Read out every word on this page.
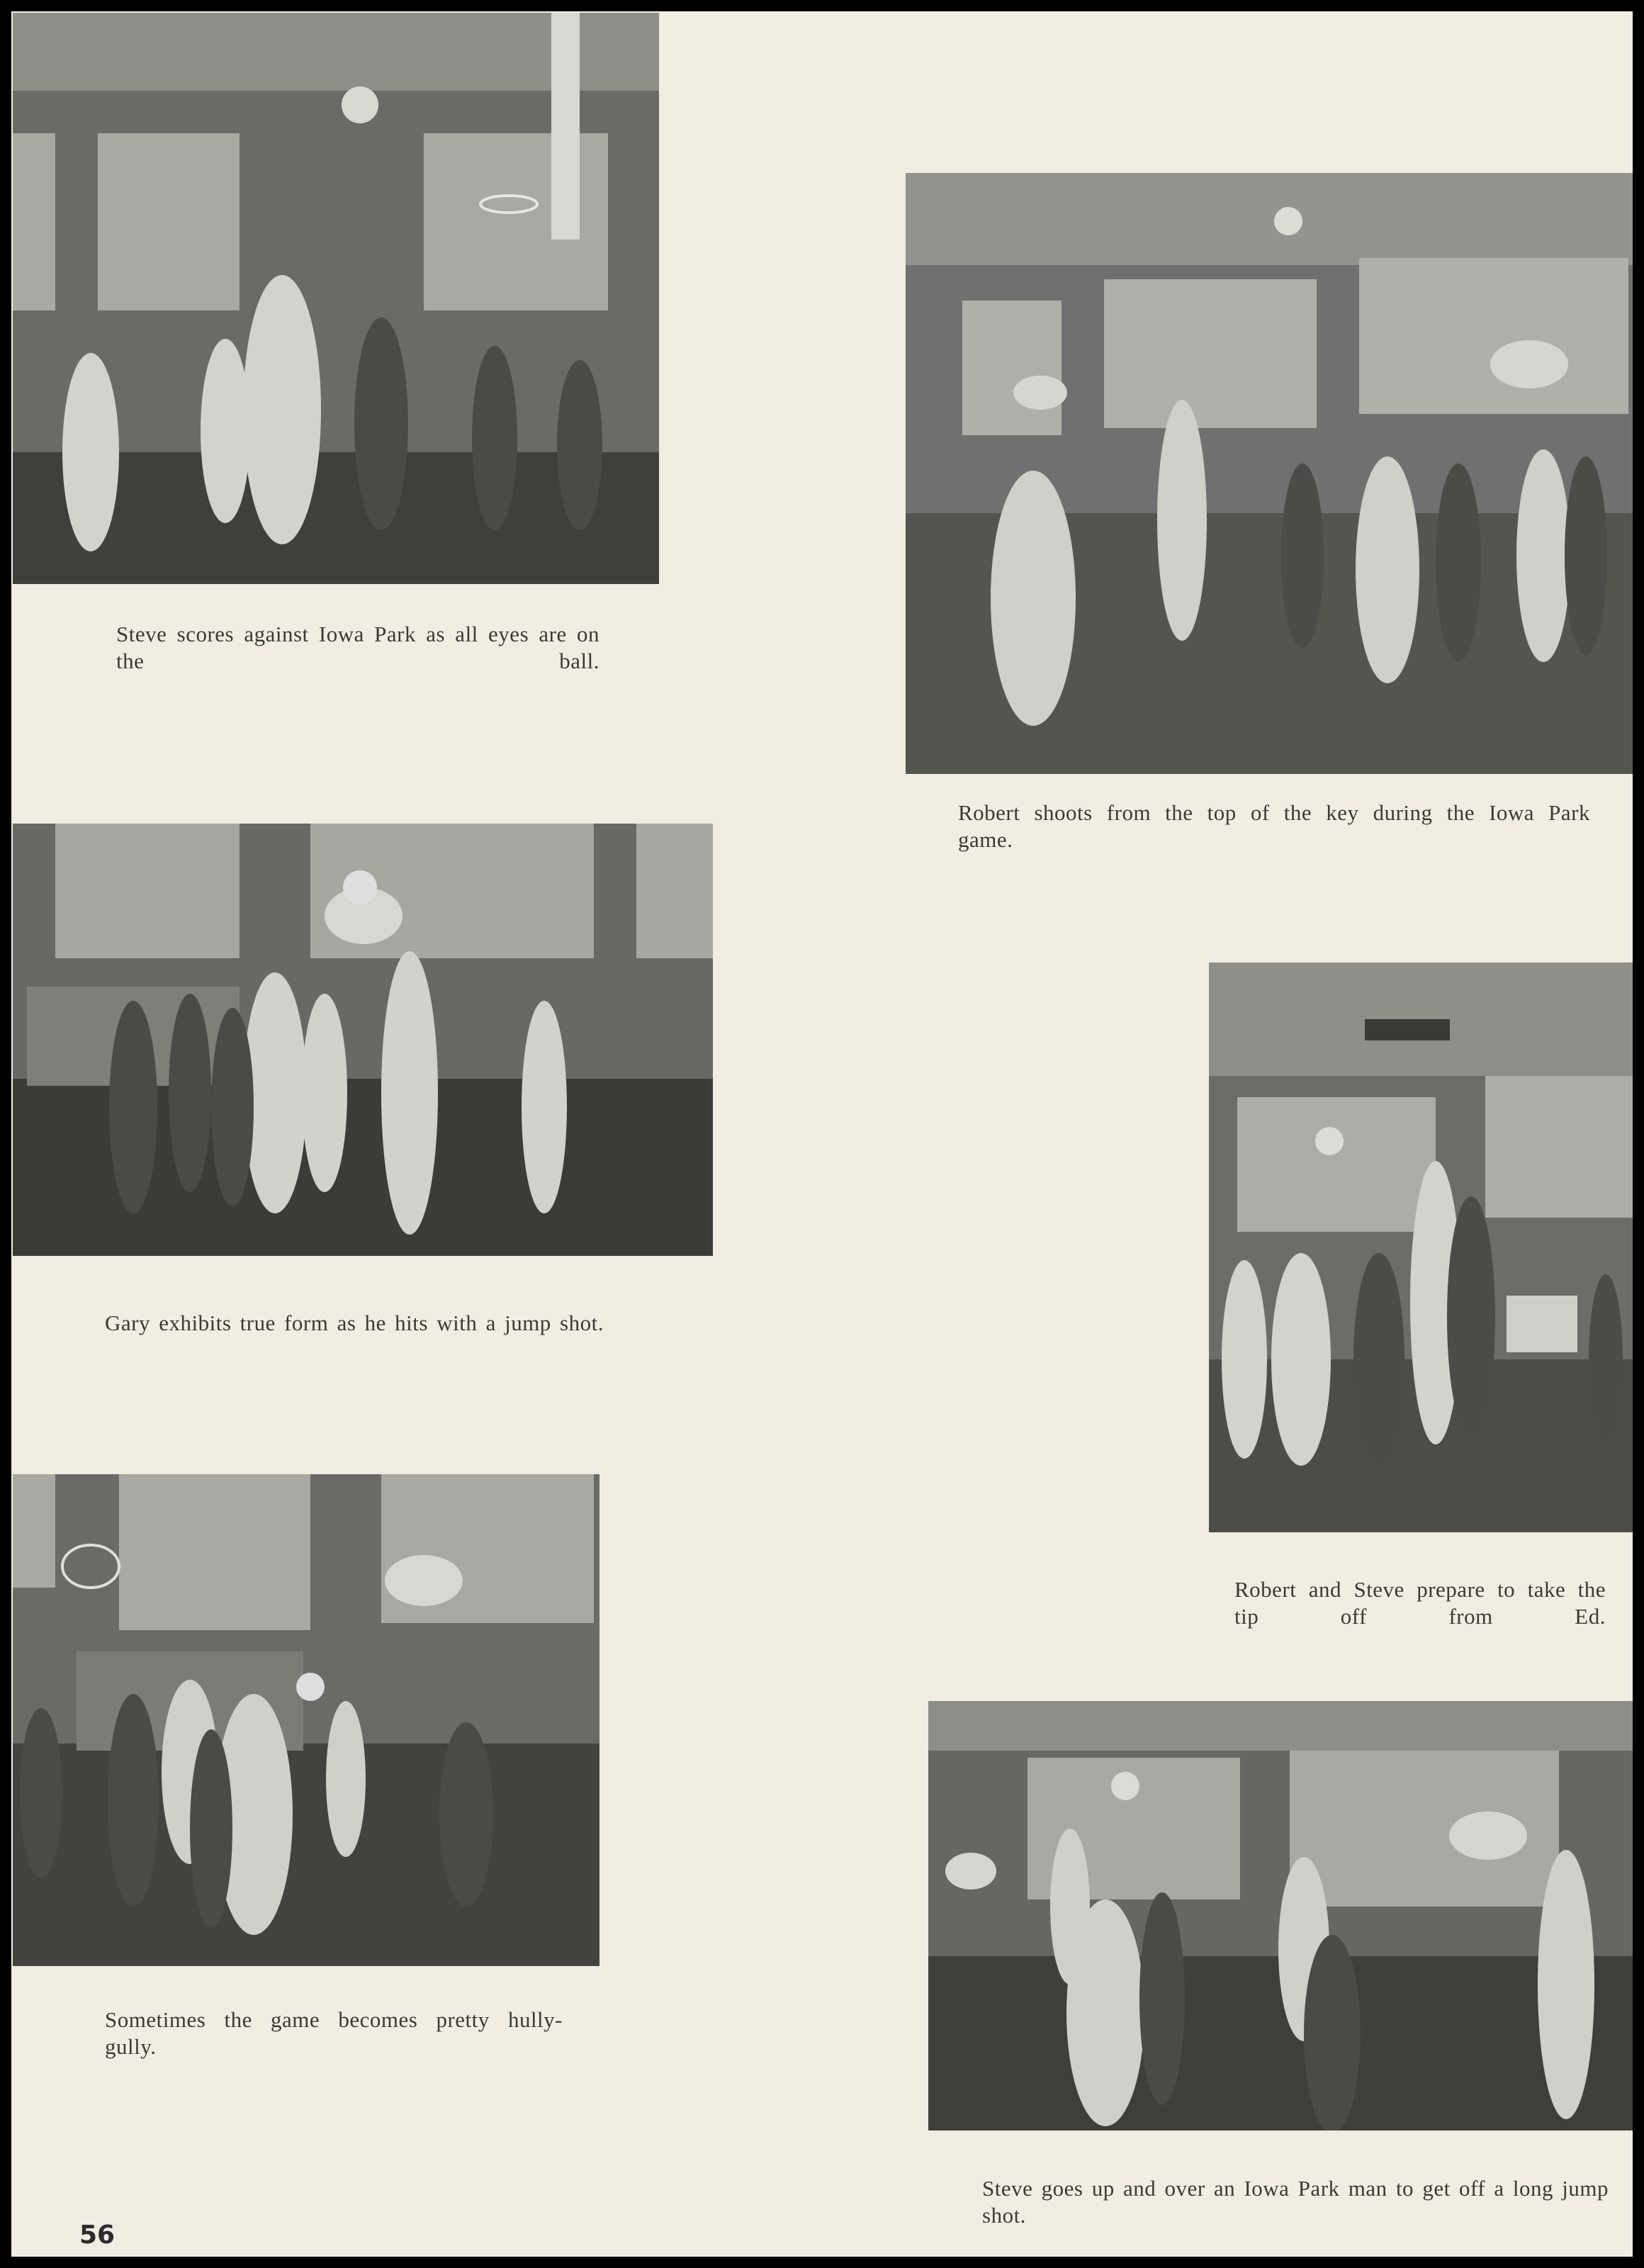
Steve scores against Iowa Park as all eyes are on the ball.
Robert shoots from the top of the key during the Iowa Park game.
Gary exhibits true form as he hits with a jump shot.
Robert and Steve prepare to take the tip off from Ed.
Sometimes the game becomes pretty hully-gully.
Steve goes up and over an Iowa Park man to get off a long jump shot.
56
